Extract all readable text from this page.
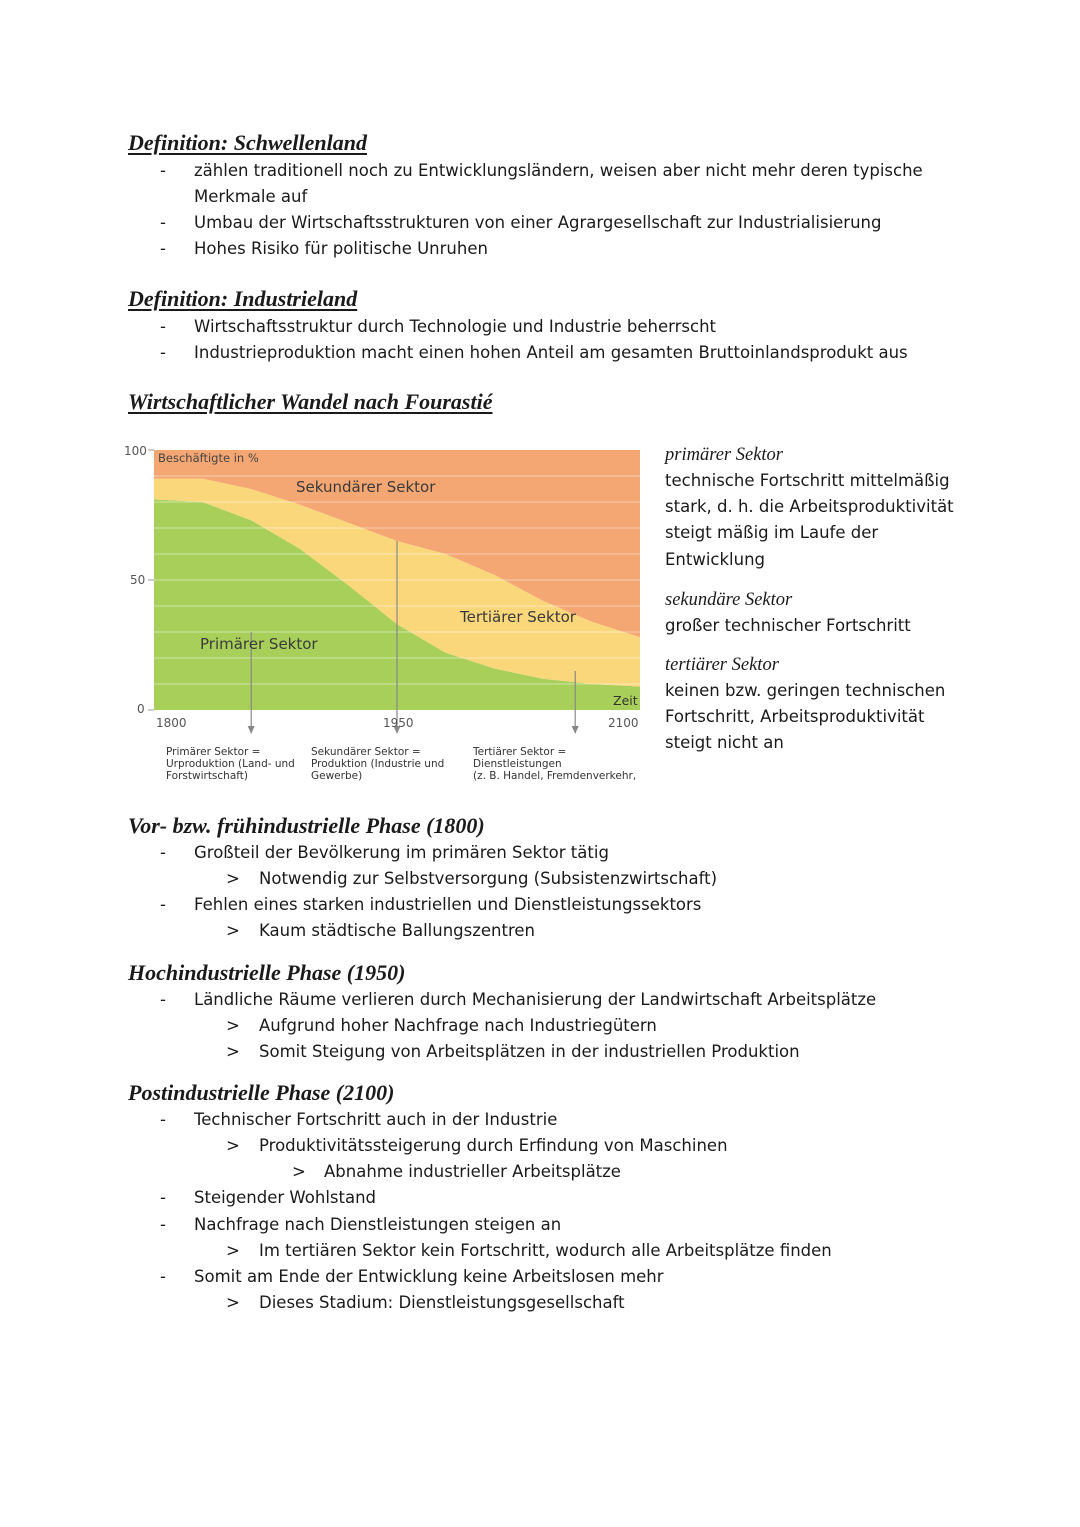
Definition: Schwellenland
- zählen traditionell noch zu Entwicklungsländern, weisen aber nicht mehr deren typische
Merkmale auf
- Umbau der Wirtschaftsstrukturen von einer Agrargesellschaft zur Industrialisierung
- Hohes Risiko für politische Unruhen
Definition: Industrieland
- Wirtschaftsstruktur durch Technologie und Industrie beherrscht
- Industrieproduktion macht einen hohen Anteil am gesamten Bruttoinlandsprodukt aus
Wirtschaftlicher Wandel nach Fourastié
100
50
0
Beschäftigte in %
1800	1950	2100
Zeit
Sekundärer Sektor
Tertiärer Sektor
Primärer Sektor
Primärer Sektor =
Urproduktion (Land- und
Forstwirtschaft)
Sekundärer Sektor =
Produktion (Industrie und
Gewerbe)
Tertiärer Sektor =
Dienstleistungen
(z. B. Handel, Fremdenverkehr,
primärer Sektor
technische Fortschritt mittelmäßig
stark, d. h. die Arbeitsproduktivität
steigt mäßig im Laufe der
Entwicklung
sekundäre Sektor
großer technischer Fortschritt
tertiärer Sektor
keinen bzw. geringen technischen
Fortschritt, Arbeitsproduktivität
steigt nicht an
Vor- bzw. frühindustrielle Phase (1800)
- Großteil der Bevölkerung im primären Sektor tätig
> Notwendig zur Selbstversorgung (Subsistenzwirtschaft)
- Fehlen eines starken industriellen und Dienstleistungssektors
> Kaum städtische Ballungszentren
Hochindustrielle Phase (1950)
- Ländliche Räume verlieren durch Mechanisierung der Landwirtschaft Arbeitsplätze
> Aufgrund hoher Nachfrage nach Industriegütern
> Somit Steigung von Arbeitsplätzen in der industriellen Produktion
Postindustrielle Phase (2100)
- Technischer Fortschritt auch in der Industrie
> Produktivitätssteigerung durch Erfindung von Maschinen
> Abnahme industrieller Arbeitsplätze
- Steigender Wohlstand
- Nachfrage nach Dienstleistungen steigen an
> Im tertiären Sektor kein Fortschritt, wodurch alle Arbeitsplätze finden
- Somit am Ende der Entwicklung keine Arbeitslosen mehr
> Dieses Stadium: Dienstleistungsgesellschaft
